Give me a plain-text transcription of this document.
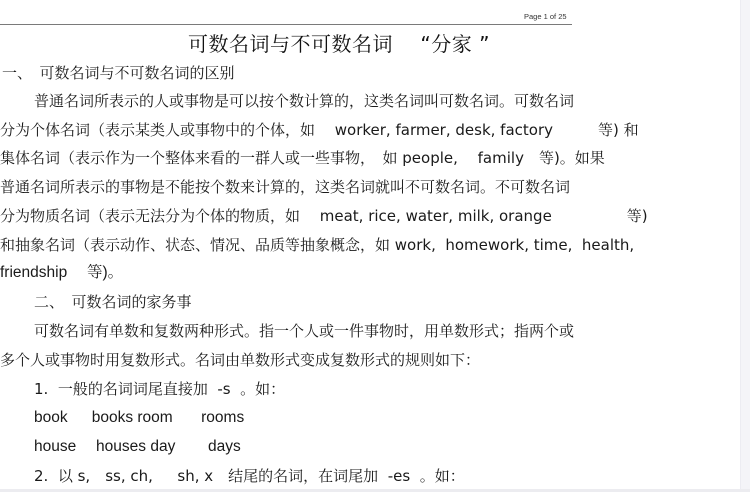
Page 1 of 25
可数名词与不可数名词　 “分家 ”
一、　可数名词与不可数名词的区别
普通名词所表示的人或事物是可以按个数计算的，这类名词叫可数名词。可数名词
分为个体名词（表示某类人或事物中的个体，如　 worker, farmer, desk, factory　　　等) 和
集体名词（表示作为一个整体来看的一群人或一些事物，　如 people,　 family　等)。如果
普通名词所表示的事物是不能按个数来计算的，这类名词就叫不可数名词。不可数名词
分为物质名词（表示无法分为个体的物质，如　 meat, rice, water, milk, orange　　　　　等)
和抽象名词（表示动作、状态、情况、品质等抽象概念，如 work,  homework, time,  health,
friendship　 等)。
二、　可数名词的家务事
可数名词有单数和复数两种形式。指一个人或一件事物时，用单数形式；指两个或
多个人或事物时用复数形式。名词由单数形式变成复数形式的规则如下：
1.  一般的名词词尾直接加  -s  。如：
book　  books room　   rooms
house　 houses day　    days
2.  以 s,　ss, ch,　  sh, x　结尾的名词，在词尾加  -es  。如：
